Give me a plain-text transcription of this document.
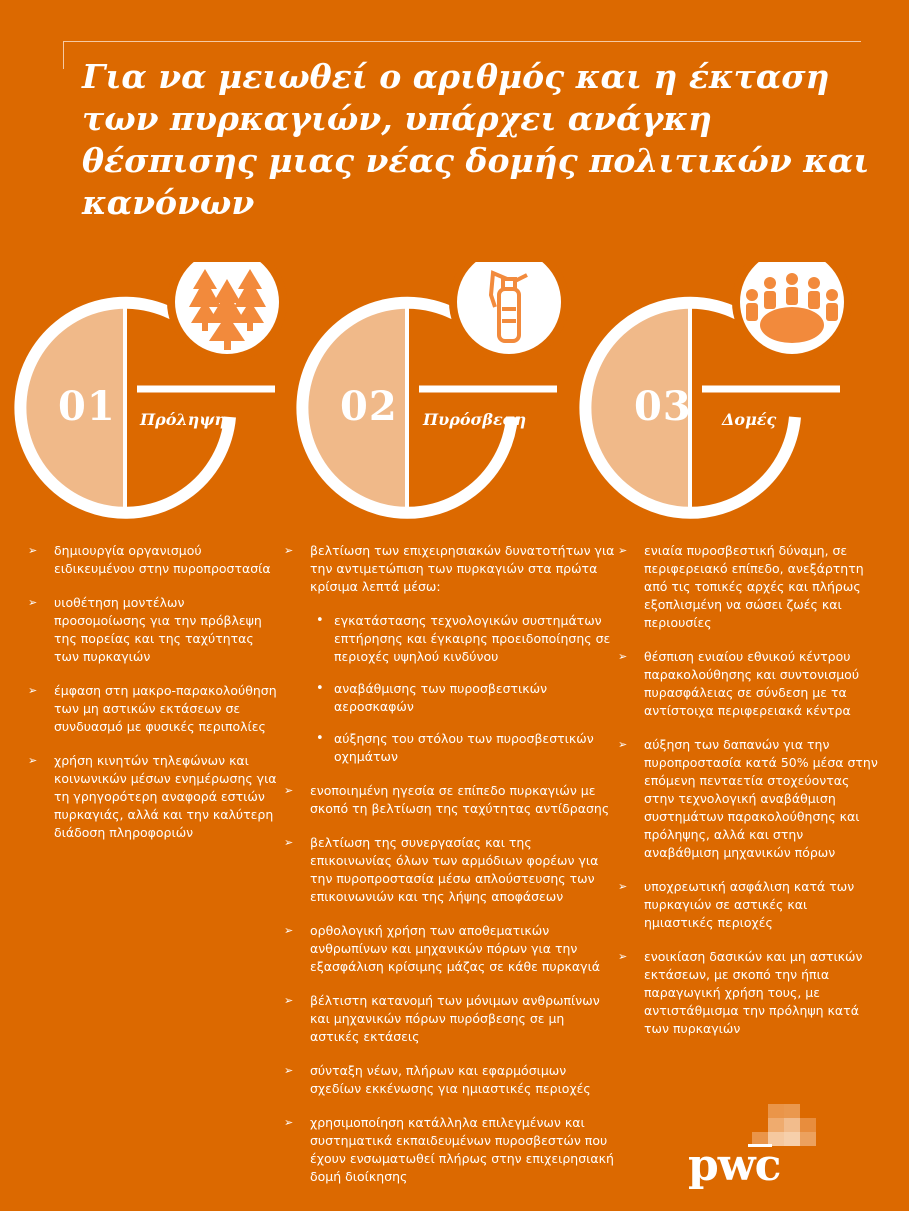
Για να μειωθεί ο αριθμός και η έκταση των πυρκαγιών, υπάρχει ανάγκη θέσπισης μιας νέας δομής πολιτικών και κανόνων
01 Πρόληψη	02 Πυρόσβεση	03 Δομές
➢ δημιουργία οργανισμού ειδικευμένου στην πυροπροστασία
➢ υιοθέτηση μοντέλων προσομοίωσης για την πρόβλεψη της πορείας και της ταχύτητας των πυρκαγιών
➢ έμφαση στη μακρο-παρακολούθηση των μη αστικών εκτάσεων σε συνδυασμό με φυσικές περιπολίες
➢ χρήση κινητών τηλεφώνων και κοινωνικών μέσων ενημέρωσης για τη γρηγορότερη αναφορά εστιών πυρκαγιάς, αλλά και την καλύτερη διάδοση πληροφοριών
➢ βελτίωση των επιχειρησιακών δυνατοτήτων για την αντιμετώπιση των πυρκαγιών στα πρώτα κρίσιμα λεπτά μέσω:
• εγκατάστασης τεχνολογικών συστημάτων επτήρησης και έγκαιρης προειδοποίησης σε περιοχές υψηλού κινδύνου
• αναβάθμισης των πυροσβεστικών αεροσκαφών
• αύξησης του στόλου των πυροσβεστικών οχημάτων
➢ ενοποιημένη ηγεσία σε επίπεδο πυρκαγιών με σκοπό τη βελτίωση της ταχύτητας αντίδρασης
➢ βελτίωση της συνεργασίας και της επικοινωνίας όλων των αρμόδιων φορέων για την πυροπροστασία μέσω απλούστευσης των επικοινωνιών και της λήψης αποφάσεων
➢ ορθολογική χρήση των αποθεματικών ανθρωπίνων και μηχανικών πόρων για την εξασφάλιση κρίσιμης μάζας σε κάθε πυρκαγιά
➢ βέλτιστη κατανομή των μόνιμων ανθρωπίνων και μηχανικών πόρων πυρόσβεσης σε μη αστικές εκτάσεις
➢ σύνταξη νέων, πλήρων και εφαρμόσιμων σχεδίων εκκένωσης για ημιαστικές περιοχές
➢ χρησιμοποίηση κατάλληλα επιλεγμένων και συστηματικά εκπαιδευμένων πυροσβεστών που έχουν ενσωματωθεί πλήρως στην επιχειρησιακή δομή διοίκησης
➢ ενιαία πυροσβεστική δύναμη, σε περιφερειακό επίπεδο, ανεξάρτητη από τις τοπικές αρχές και πλήρως εξοπλισμένη να σώσει ζωές και περιουσίες
➢ θέσπιση ενιαίου εθνικού κέντρου παρακολούθησης και συντονισμού πυρασφάλειας σε σύνδεση με τα αντίστοιχα περιφερειακά κέντρα
➢ αύξηση των δαπανών για την πυροπροστασία κατά 50% μέσα στην επόμενη πενταετία στοχεύοντας στην τεχνολογική αναβάθμιση συστημάτων παρακολούθησης και πρόληψης, αλλά και στην αναβάθμιση μηχανικών πόρων
➢ υποχρεωτική ασφάλιση κατά των πυρκαγιών σε αστικές και ημιαστικές περιοχές
➢ ενοικίαση δασικών και μη αστικών εκτάσεων, με σκοπό την ήπια παραγωγική χρήση τους, με αντιστάθμισμα την πρόληψη κατά των πυρκαγιών
pwc
